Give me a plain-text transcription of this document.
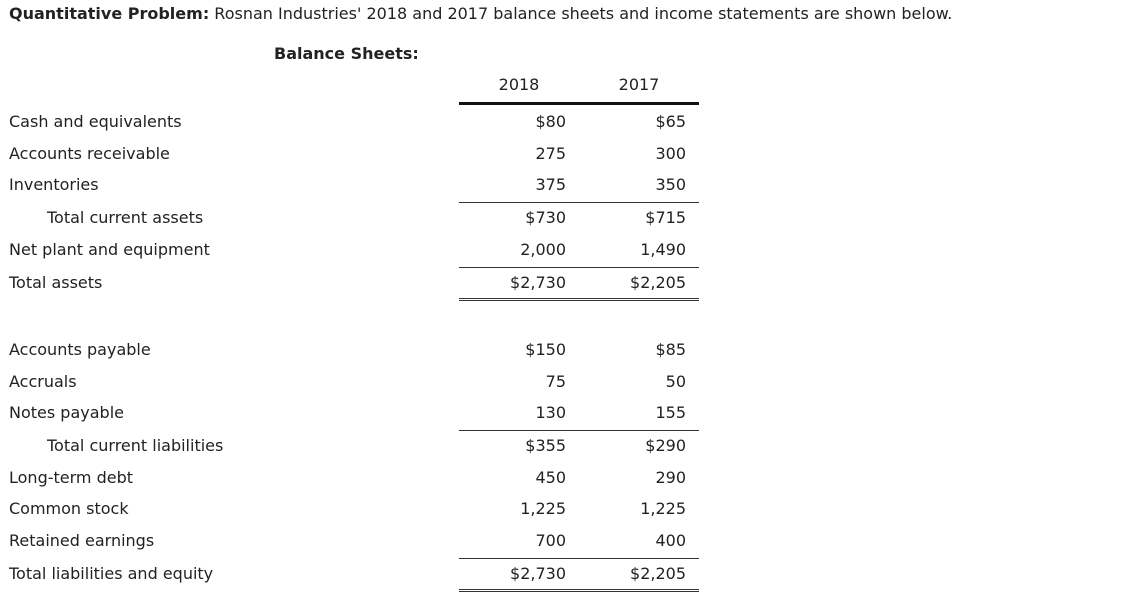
Quantitative Problem: Rosnan Industries' 2018 and 2017 balance sheets and income statements are shown below.
Balance Sheets:
2018	2017
Cash and equivalents	$80	$65
Accounts receivable	275	300
Inventories	375	350
Total current assets	$730	$715
Net plant and equipment	2,000	1,490
Total assets	$2,730	$2,205
Accounts payable	$150	$85
Accruals	75	50
Notes payable	130	155
Total current liabilities	$355	$290
Long-term debt	450	290
Common stock	1,225	1,225
Retained earnings	700	400
Total liabilities and equity	$2,730	$2,205
